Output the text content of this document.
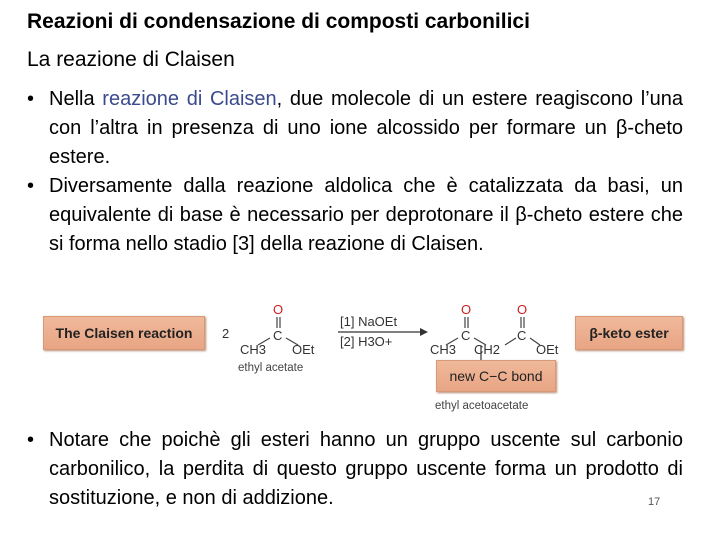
Reazioni di condensazione di composti carbonilici
La reazione di Claisen

• Nella reazione di Claisen, due molecole di un estere reagiscono l’una con l’altra in presenza di uno ione alcossido per formare un β-cheto estere.

• Diversamente dalla reazione aldolica che è catalizzata da basi, un equivalente di base è necessario per deprotonare il β-cheto estere che si forma nello stadio [3] della reazione di Claisen.

The Claisen reaction	β-keto ester
new C−C bond
2
O
C
CH3 OEt
ethyl acetate
[1] NaOEt
[2] H3O+
O
C
CH3 CH2
O
C
OEt
ethyl acetoacetate

• Notare che poichè gli esteri hanno un gruppo uscente sul carbonio carbonilico, la perdita di questo gruppo uscente forma un prodotto di sostituzione, e non di addizione.	17
